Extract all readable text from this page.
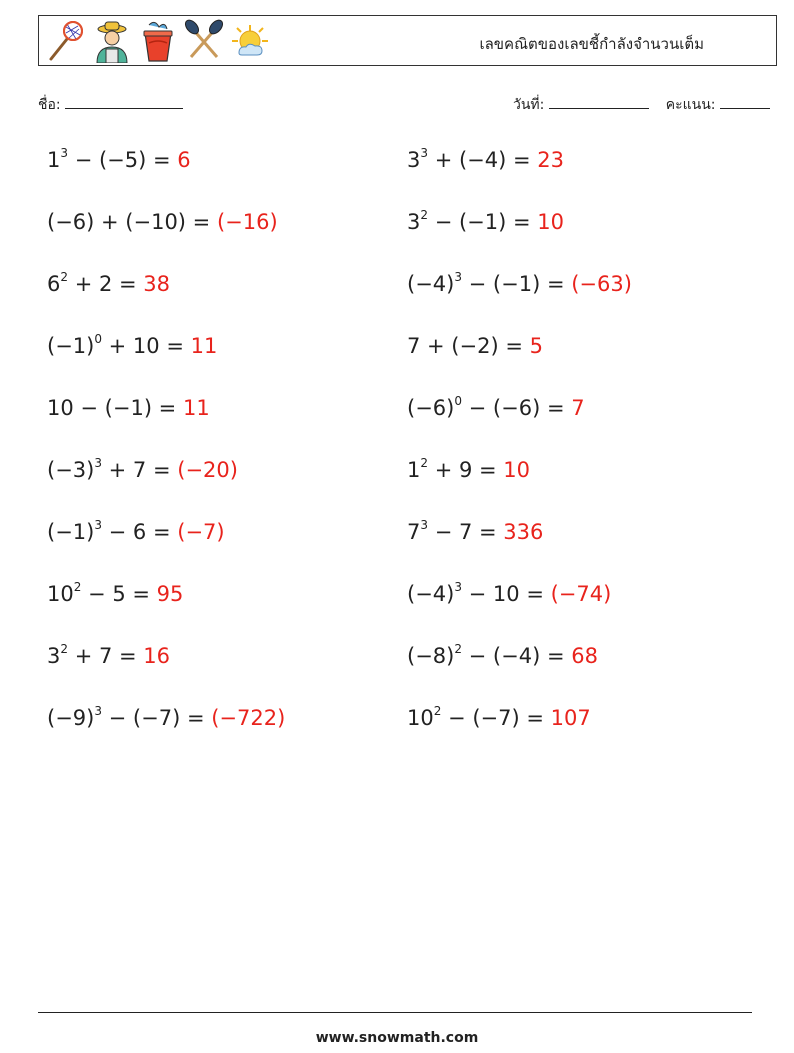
เลขคณิตของเลขชี้กำลังจำนวนเต็ม
ชื่อ:	วันที่:	คะแนน:
$1^3 - (-5) = 6$	$3^3 + (-4) = 23$
(−6) + (−10) = (−16)	$3^2 - (-1) = 10$
$6^2 + 2 = 38$	$(-4)^3 - (-1) = (-63)$
$(-1)^0 + 10 = 11$	7 + (−2) = 5
10 − (−1) = 11	$(-6)^0 - (-6) = 7$
$(-3)^3 + 7 = (-20)$	$1^2 + 9 = 10$
$(-1)^3 - 6 = (-7)$	$7^3 - 7 = 336$
$10^2 - 5 = 95$	$(-4)^3 - 10 = (-74)$
$3^2 + 7 = 16$	$(-8)^2 - (-4) = 68$
$(-9)^3 - (-7) = (-722)$	$10^2 - (-7) = 107$
www.snowmath.com
